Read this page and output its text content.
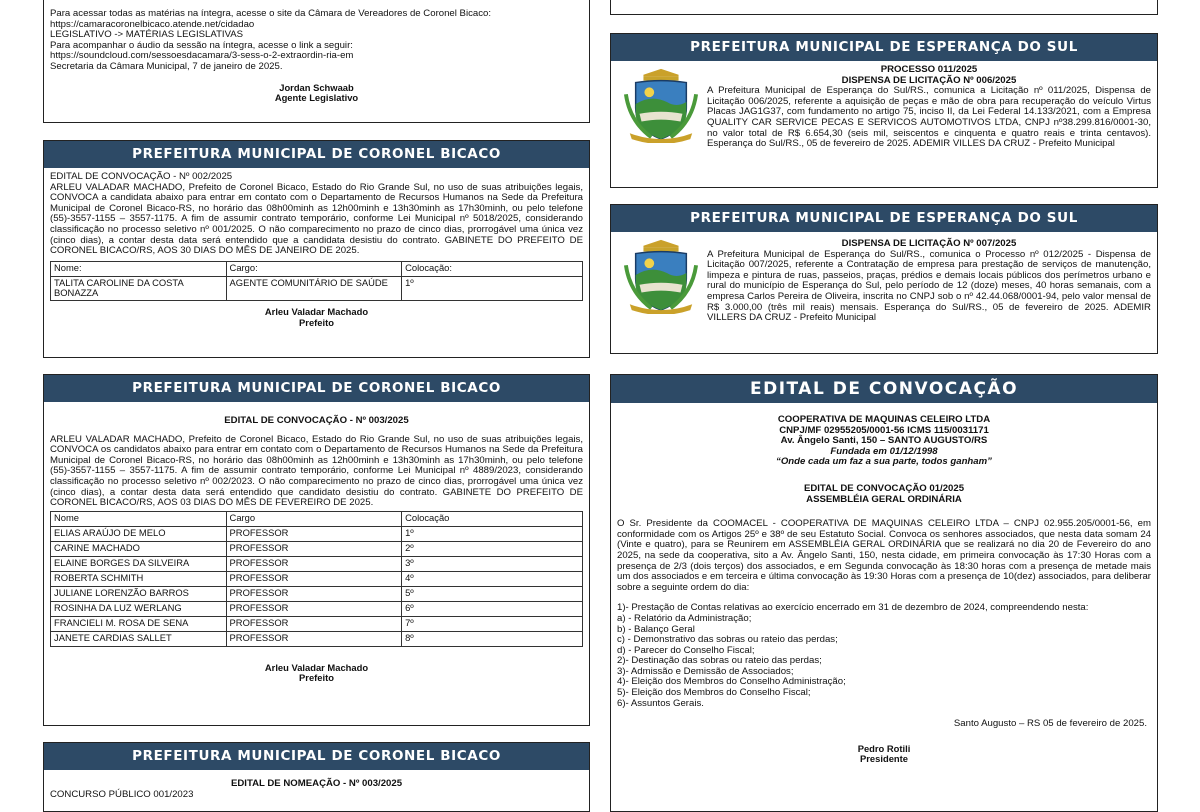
Para acessar todas as matérias na íntegra, acesse o site da Câmara de Vereadores de Coronel Bicaco:
https://camaracoronelbicaco.atende.net/cidadao
LEGISLATIVO -> MATÉRIAS LEGISLATIVAS
Para acompanhar o áudio da sessão na íntegra, acesse o link a seguir:
https://soundcloud.com/sessoesdacamara/3-sess-o-2-extraordin-ria-em
Secretaria da Câmara Municipal, 7 de janeiro de 2025.
Jordan Schwaab
Agente Legislativo
PREFEITURA MUNICIPAL DE CORONEL BICACO
EDITAL DE CONVOCAÇÃO - Nº 002/2025
ARLEU VALADAR MACHADO, Prefeito de Coronel Bicaco, Estado do Rio Grande Sul, no uso de suas atribuições legais, CONVOCA a candidata abaixo para entrar em contato com o Departamento de Recursos Humanos na Sede da Prefeitura Municipal de Coronel Bicaco-RS, no horário das 08h00minh as 12h00minh e 13h30minh as 17h30minh, ou pelo telefone (55)-3557-1155 – 3557-1175. A fim de assumir contrato temporário, conforme Lei Municipal nº 5018/2025, considerando classificação no processo seletivo nº 001/2025. O não comparecimento no prazo de cinco dias, prorrogável uma única vez (cinco dias), a contar desta data será entendido que a candidata desistiu do contrato. GABINETE DO PREFEITO DE CORONEL BICACO/RS, AOS 30 DIAS DO MÊS DE JANEIRO DE 2025.
Nome:	Cargo:	Colocação:
TALITA CAROLINE DA COSTA BONAZZA	AGENTE COMUNITÁRIO DE SAÚDE	1º
Arleu Valadar Machado
Prefeito
PREFEITURA MUNICIPAL DE CORONEL BICACO
EDITAL DE CONVOCAÇÃO - Nº 003/2025
ARLEU VALADAR MACHADO, Prefeito de Coronel Bicaco, Estado do Rio Grande Sul, no uso de suas atribuições legais, CONVOCA os candidatos abaixo para entrar em contato com o Departamento de Recursos Humanos na Sede da Prefeitura Municipal de Coronel Bicaco-RS, no horário das 08h00minh as 12h00minh e 13h30minh as 17h30minh, ou pelo telefone (55)-3557-1155 – 3557-1175. A fim de assumir contrato temporário, conforme Lei Municipal nº 4889/2023, considerando classificação no processo seletivo nº 002/2023. O não comparecimento no prazo de cinco dias, prorrogável uma única vez (cinco dias), a contar desta data será entendido que candidato desistiu do contrato. GABINETE DO PREFEITO DE CORONEL BICACO/RS, AOS 03 DIAS DO MÊS DE FEVEREIRO DE 2025.
Nome	Cargo	Colocação
ELIAS ARAÚJO DE MELO	PROFESSOR	1º
CARINE MACHADO	PROFESSOR	2º
ELAINE BORGES DA SILVEIRA	PROFESSOR	3º
ROBERTA SCHMITH	PROFESSOR	4º
JULIANE LORENZÃO BARROS	PROFESSOR	5º
ROSINHA DA LUZ WERLANG	PROFESSOR	6º
FRANCIELI M. ROSA DE SENA	PROFESSOR	7º
JANETE CARDIAS SALLET	PROFESSOR	8º
Arleu Valadar Machado
Prefeito
PREFEITURA MUNICIPAL DE CORONEL BICACO
EDITAL DE NOMEAÇÃO - Nº 003/2025
CONCURSO PÚBLICO 001/2023
PREFEITURA MUNICIPAL DE ESPERANÇA DO SUL
PROCESSO 011/2025
DISPENSA DE LICITAÇÃO Nº 006/2025
A Prefeitura Municipal de Esperança do Sul/RS., comunica a Licitação nº 011/2025, Dispensa de Licitação 006/2025, referente a aquisição de peças e mão de obra para recuperação do veículo Virtus Placas JAG1G37, com fundamento no artigo 75, inciso II, da Lei Federal 14.133/2021, com a Empresa QUALITY CAR SERVICE PECAS E SERVICOS AUTOMOTIVOS LTDA, CNPJ nº38.299.816/0001-30, no valor total de R$ 6.654,30 (seis mil, seiscentos e cinquenta e quatro reais e trinta centavos). Esperança do Sul/RS., 05 de fevereiro de 2025. ADEMIR VILLES DA CRUZ - Prefeito Municipal
PREFEITURA MUNICIPAL DE ESPERANÇA DO SUL
DISPENSA DE LICITAÇÃO Nº 007/2025
A Prefeitura Municipal de Esperança do Sul/RS., comunica o Processo nº 012/2025 - Dispensa de Licitação 007/2025, referente a Contratação de empresa para prestação de serviços de manutenção, limpeza e pintura de ruas, passeios, praças, prédios e demais locais públicos dos perímetros urbano e rural do município de Esperança do Sul, pelo período de 12 (doze) meses, 40 horas semanais, com a empresa Carlos Pereira de Oliveira, inscrita no CNPJ sob o nº 42.44.068/0001-94, pelo valor mensal de R$ 3.000,00 (três mil reais) mensais. Esperança do Sul/RS., 05 de fevereiro de 2025. ADEMIR VILLERS DA CRUZ - Prefeito Municipal
EDITAL DE CONVOCAÇÃO
COOPERATIVA DE MAQUINAS CELEIRO LTDA
CNPJ/MF 02955205/0001-56 ICMS 115/0031171
Av. Ângelo Santi, 150 – SANTO AUGUSTO/RS
Fundada em 01/12/1998
“Onde cada um faz a sua parte, todos ganham”
EDITAL DE CONVOCAÇÃO 01/2025
ASSEMBLÉIA GERAL ORDINÁRIA
O Sr. Presidente da COOMACEL - COOPERATIVA DE MAQUINAS CELEIRO LTDA – CNPJ 02.955.205/0001-56, em conformidade com os Artigos 25º e 38º de seu Estatuto Social. Convoca os senhores associados, que nesta data somam 24 (Vinte e quatro), para se Reunirem em ASSEMBLÉIA GERAL ORDINÁRIA que se realizará no dia 20 de Fevereiro do ano 2025, na sede da cooperativa, sito a Av. Ângelo Santi, 150, nesta cidade, em primeira convocação às 17:30 Horas com a presença de 2/3 (dois terços) dos associados, e em Segunda convocação às 18:30 horas com a presença de metade mais um dos associados e em terceira e última convocação às 19:30 Horas com a presença de 10(dez) associados, para deliberar sobre a seguinte ordem do dia:
1)- Prestação de Contas relativas ao exercício encerrado em 31 de dezembro de 2024, compreendendo nesta:
a) - Relatório da Administração;
b) - Balanço Geral
c) - Demonstrativo das sobras ou rateio das perdas;
d) - Parecer do Conselho Fiscal;
2)- Destinação das sobras ou rateio das perdas;
3)- Admissão e Demissão de Associados;
4)- Eleição dos Membros do Conselho Administração;
5)- Eleição dos Membros do Conselho Fiscal;
6)- Assuntos Gerais.
Santo Augusto – RS 05 de fevereiro de 2025.
Pedro Rotili
Presidente
